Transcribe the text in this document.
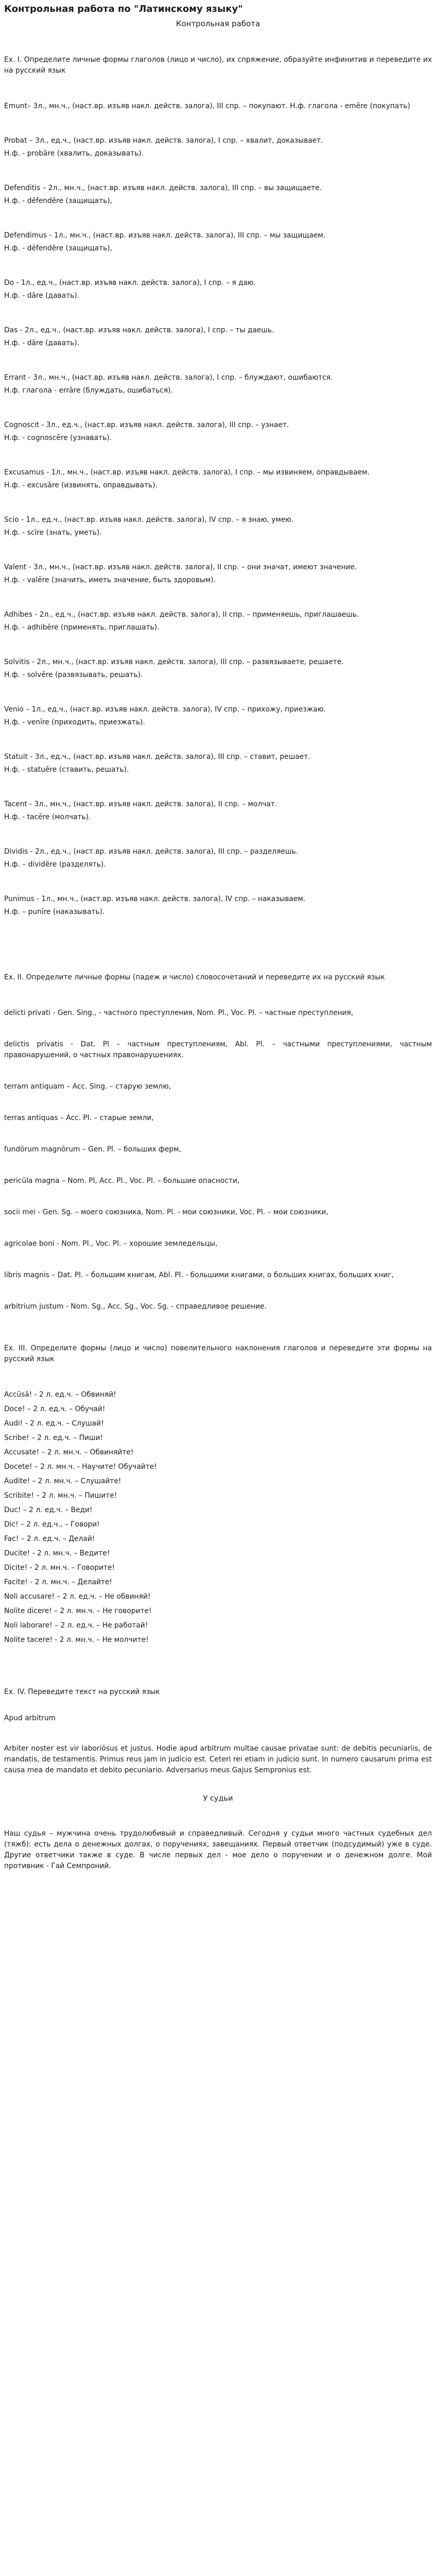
Контрольная работа по "Латинскому языку"
Контрольная работа
Ex. I. Определите личные формы глаголов (лицо и число), их спряжение, образуйте инфинитив и переведите их на русский язык

Emunt– 3л., мн.ч., (наст.вр. изъяв накл. действ. залога), III спр. – покупают. Н.ф. глагола - emĕre (покупать)

Probat – 3л., ед.ч., (наст.вр. изъяв накл. действ. залога), I спр. – хвалит, доказывает.

Н.ф. - probāre (хвалить, доказывать).

Defenditis – 2л., мн.ч., (наст.вр. изъяв накл. действ. залога), III спр. – вы защищаете.

Н.ф. - dēfendĕre (защищать),

Defendimus - 1л., мн.ч., (наст.вр. изъяв накл. действ. залога), III спр. – мы защищаем.

Н.ф. - dēfendĕre (защищать),

Do - 1л., ед.ч., (наст.вр. изъяв накл. действ. залога), I спр. – я даю.

Н.ф. - dāre (давать).

Das - 2л., ед.ч., (наст.вр. изъяв накл. действ. залога), I спр. – ты даешь.

Н.ф. - dāre (давать).

Errant - 3л., мн.ч., (наст.вр. изъяв накл. действ. залога), I спр. – блуждают, ошибаются.

Н.ф. глагола - errāre (блуждать, ошибаться).

Cognoscit - 3л., ед.ч., (наст.вр. изъяв накл. действ. залога), III спр. – узнает.

Н.ф. - cognoscĕre (узнавать).

Excusamus - 1л., мн.ч., (наст.вр. изъяв накл. действ. залога), I спр. – мы извиняем, оправдываем.

Н.ф. - excusāre (извинять, оправдывать).

Scio - 1л., ед.ч., (наст.вр. изъяв накл. действ. залога), IV спр. – я знаю, умею.

Н.ф. - scīre (знать, уметь).

Valent - 3л., мн.ч., (наст.вр. изъяв накл. действ. залога), II спр. – они значат, имеют значение.

Н.ф. - valēre (значить, иметь значение, быть здоровым).

Adhibes - 2л., ед.ч., (наст.вр. изъяв накл. действ. залога), II спр. – применяешь, приглашаешь.

Н.ф. - adhibēre (применять, приглашать).

Solvitis - 2л., мн.ч., (наст.вр. изъяв накл. действ. залога), III спр. – развязываете, решаете.

Н.ф. - solvĕre (развязывать, решать).

Venio – 1л., ед.ч., (наст.вр. изъяв накл. действ. залога), IV спр. – прихожу, приезжаю.

Н.ф. - venīre (приходить, приезжать).

Statuit - 3л., ед.ч., (наст.вр. изъяв накл. действ. залога), III спр. – ставит, решает.

Н.ф. - statuĕre (ставить, решать).

Tacent - 3л., мн.ч., (наст.вр. изъяв накл. действ. залога), II спр. – молчат.

Н.ф. - tacēre (молчать).

Dividis - 2л., ед.ч., (наст.вр. изъяв накл. действ. залога), III спр. – разделяешь.

Н.ф. – dividĕre (разделять).

Punimus - 1л., мн.ч., (наст.вр. изъяв накл. действ. залога), IV спр. – наказываем.

Н.ф. – punīre (наказывать).

Ex. II. Определите личные формы (падеж и число) словосочетаний и переведите их на русский язык
delicti privati - Gen. Sing., - частного преступления, Nom. Pl., Voc. Pl. – частные преступления,
delictis privatis - Dat. Pl – частным преступлениям, Abl. Pl. – частными преступлениями, частным правонарушений, о частных правонарушениях.
terram antiquam – Acc. Sing. – старую землю,
terras antiquas – Acc. Pl. – старые земли,
fundōrum magnōrum – Gen. Pl. – больших ферм,
pericŭla magna – Nom. Pl, Acc. Pl., Voc. Pl. – большие опасности,
socii mei - Gen. Sg. – моего союзника, Nom. Pl. - мои союзники, Voc. Pl. – мои союзники,
agricolae boni - Nom. Pl., Voc. Pl. – хорошие земледельцы,
libris magnis – Dat. Pl. – большим книгам, Abl. Pl. - большими книгами, о больших книгах, больших книг,
arbitrium justum - Nom. Sg., Acc. Sg., Voc. Sg. - справедливое решение.
Ex. III. Определите формы (лицо и число) повелительного наклонения глаголов и переведите эти формы на русский язык
Accūsā! - 2 л. ед.ч. – Обвиняй!
Doce! – 2 л. ед.ч. – Обучай!
Audi! - 2 л. ед.ч. – Слушай!
Scribe! – 2 л. ед.ч. – Пиши!
Accusate! – 2 л. мн.ч. – Обвиняйте!
Docete! – 2 л. мн.ч. - Научите! Обучайте!
Audite! – 2 л. мн.ч. – Слушайте!
Scribite! – 2 л. мн.ч. – Пишите!
Duc! – 2 л. ед.ч. – Веди!
Dic! – 2 л. ед.ч., – Говори!
Fac! – 2 л. ед.ч. – Делай!
Ducite! - 2 л. мн.ч. – Ведите!
Dicite! - 2 л. мн.ч. – Говорите!
Facite! - 2 л. мн.ч. – Делайте!
Noli accusare! – 2 л. ед.ч. – Не обвиняй!
Nolite dicere! – 2 л. мн.ч. – Не говорите!
Noli laborare! – 2 л. ед.ч. – Не работай!
Nolite tacere! - 2 л. мн.ч. – Не молчите!
Ex. IV. Переведите текст на русский язык
Apud arbitrum
Arbiter noster est vir laboriōsus et justus. Hodie apud arbitrum multae causae privatae sunt: de debitis pecuniariis, de mandatis, de testamentis. Primus reus jam in judicio est. Ceteri rei etiam in judicio sunt. In numero causarum prima est causa mea de mandato et debito pecuniario. Adversarius meus Gajus Sempronius est.
У судьи
Наш судья – мужчина очень трудолюбивый и справедливый. Сегодня у судьи много частных судебных дел (тяжб): есть дела о денежных долгах, о поручениях, завещаниях. Первый ответчик (подсудимый) уже в суде. Другие ответчики также в суде. В числе первых дел - мое дело о поручении и о денежном долге. Мой противник - Гай Семпроний.
